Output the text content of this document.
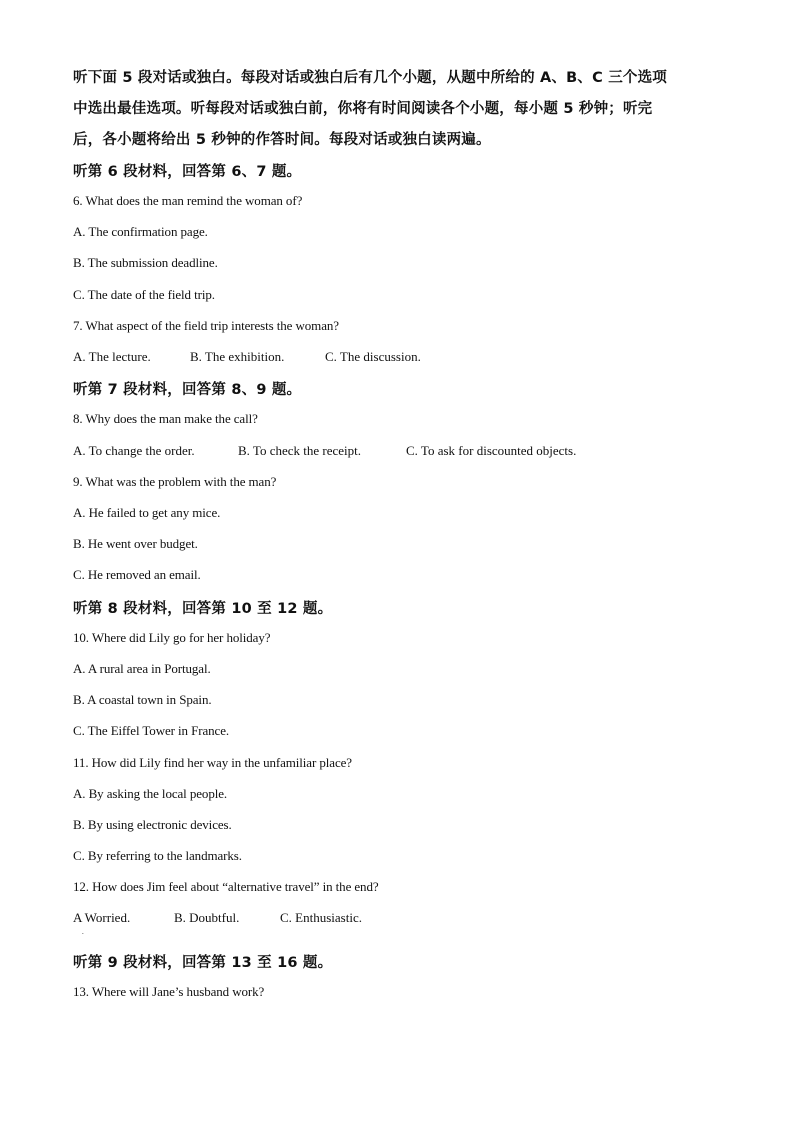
听下面 5 段对话或独白。每段对话或独白后有几个小题，从题中所给的 A、B、C 三个选项
中选出最佳选项。听每段对话或独白前，你将有时间阅读各个小题，每小题 5 秒钟；听完
后，各小题将给出 5 秒钟的作答时间。每段对话或独白读两遍。
听第 6 段材料，回答第 6、7 题。
6. What does the man remind the woman of?
A. The confirmation page.
B. The submission deadline.
C. The date of the field trip.
7. What aspect of the field trip interests the woman?
A. The lecture.	B. The exhibition.	C. The discussion.
听第 7 段材料，回答第 8、9 题。
8. Why does the man make the call?
A. To change the order.	B. To check the receipt.	C. To ask for discounted objects.
9. What was the problem with the man?
A. He failed to get any mice.
B. He went over budget.
C. He removed an email.
听第 8 段材料，回答第 10 至 12 题。
10. Where did Lily go for her holiday?
A. A rural area in Portugal.
B. A coastal town in Spain.
C. The Eiffel Tower in France.
11. How did Lily find her way in the unfamiliar place?
A. By asking the local people.
B. By using electronic devices.
C. By referring to the landmarks.
12. How does Jim feel about “alternative travel” in the end?
A Worried.	B. Doubtful.	C. Enthusiastic.
.
听第 9 段材料，回答第 13 至 16 题。
13. Where will Jane’s husband work?
